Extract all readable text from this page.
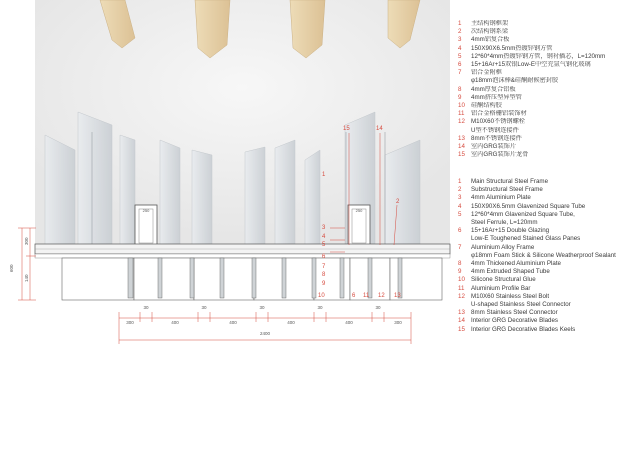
250	250
15	14
2
1
3
4
5
6
7
8
9
10	6 11 12 13
300
140
600
300
30
400
30
400
30
400
30
400
30
300
2400
1	主结构钢框架
2	次结构钢系梁
3	4mm铝复合板
4	150X90X6.5mm热镀锌钢方管
5	12*60*4mm热镀锌钢方管，钢衬插芯，L=120mm
6	15+16Ar+15双银Low-E中空充氩气钢化玻璃
7	铝合金附框
φ18mm泡沫棒&硅酮耐候密封胶
8	4mm厚复合铝板
9	4mm挤压型异型管
10 硅酮结构胶
11	铝合金格栅铝装饰材
12 M10X60不锈钢螺栓
U型不锈钢连接件
13 8mm不锈钢连接件
14 室内GRG装饰片
15 室内GRG装饰片龙骨
1	Main Structural Steel Frame
2	Substructural Steel Frame
3	4mm Aluminium Plate
4	150X90X6.5mm Glavenized Square Tube
5	12*60*4mm Glavenized Square Tube,
Steel Ferrule, L=120mm
6	15+16Ar+15 Double Glazing
Low-E Toughened Stained Glass Panes
7	Aluminium Alloy Frame
φ18mm Foam Stick & Silicone Weatherproof Sealant
8	4mm Thickened Aluminium Plate
9	4mm Extruded Shaped Tube
10 Silicone Structural Glue
11	Aluminium Profile Bar
12 M10X60 Stainless Steel Bolt
U-shaped Stainless Steel Connector
13 8mm Stainless Steel Connector
14 Interior GRG Decorative Blades
15 Interior GRG Decorative Blades Keels
